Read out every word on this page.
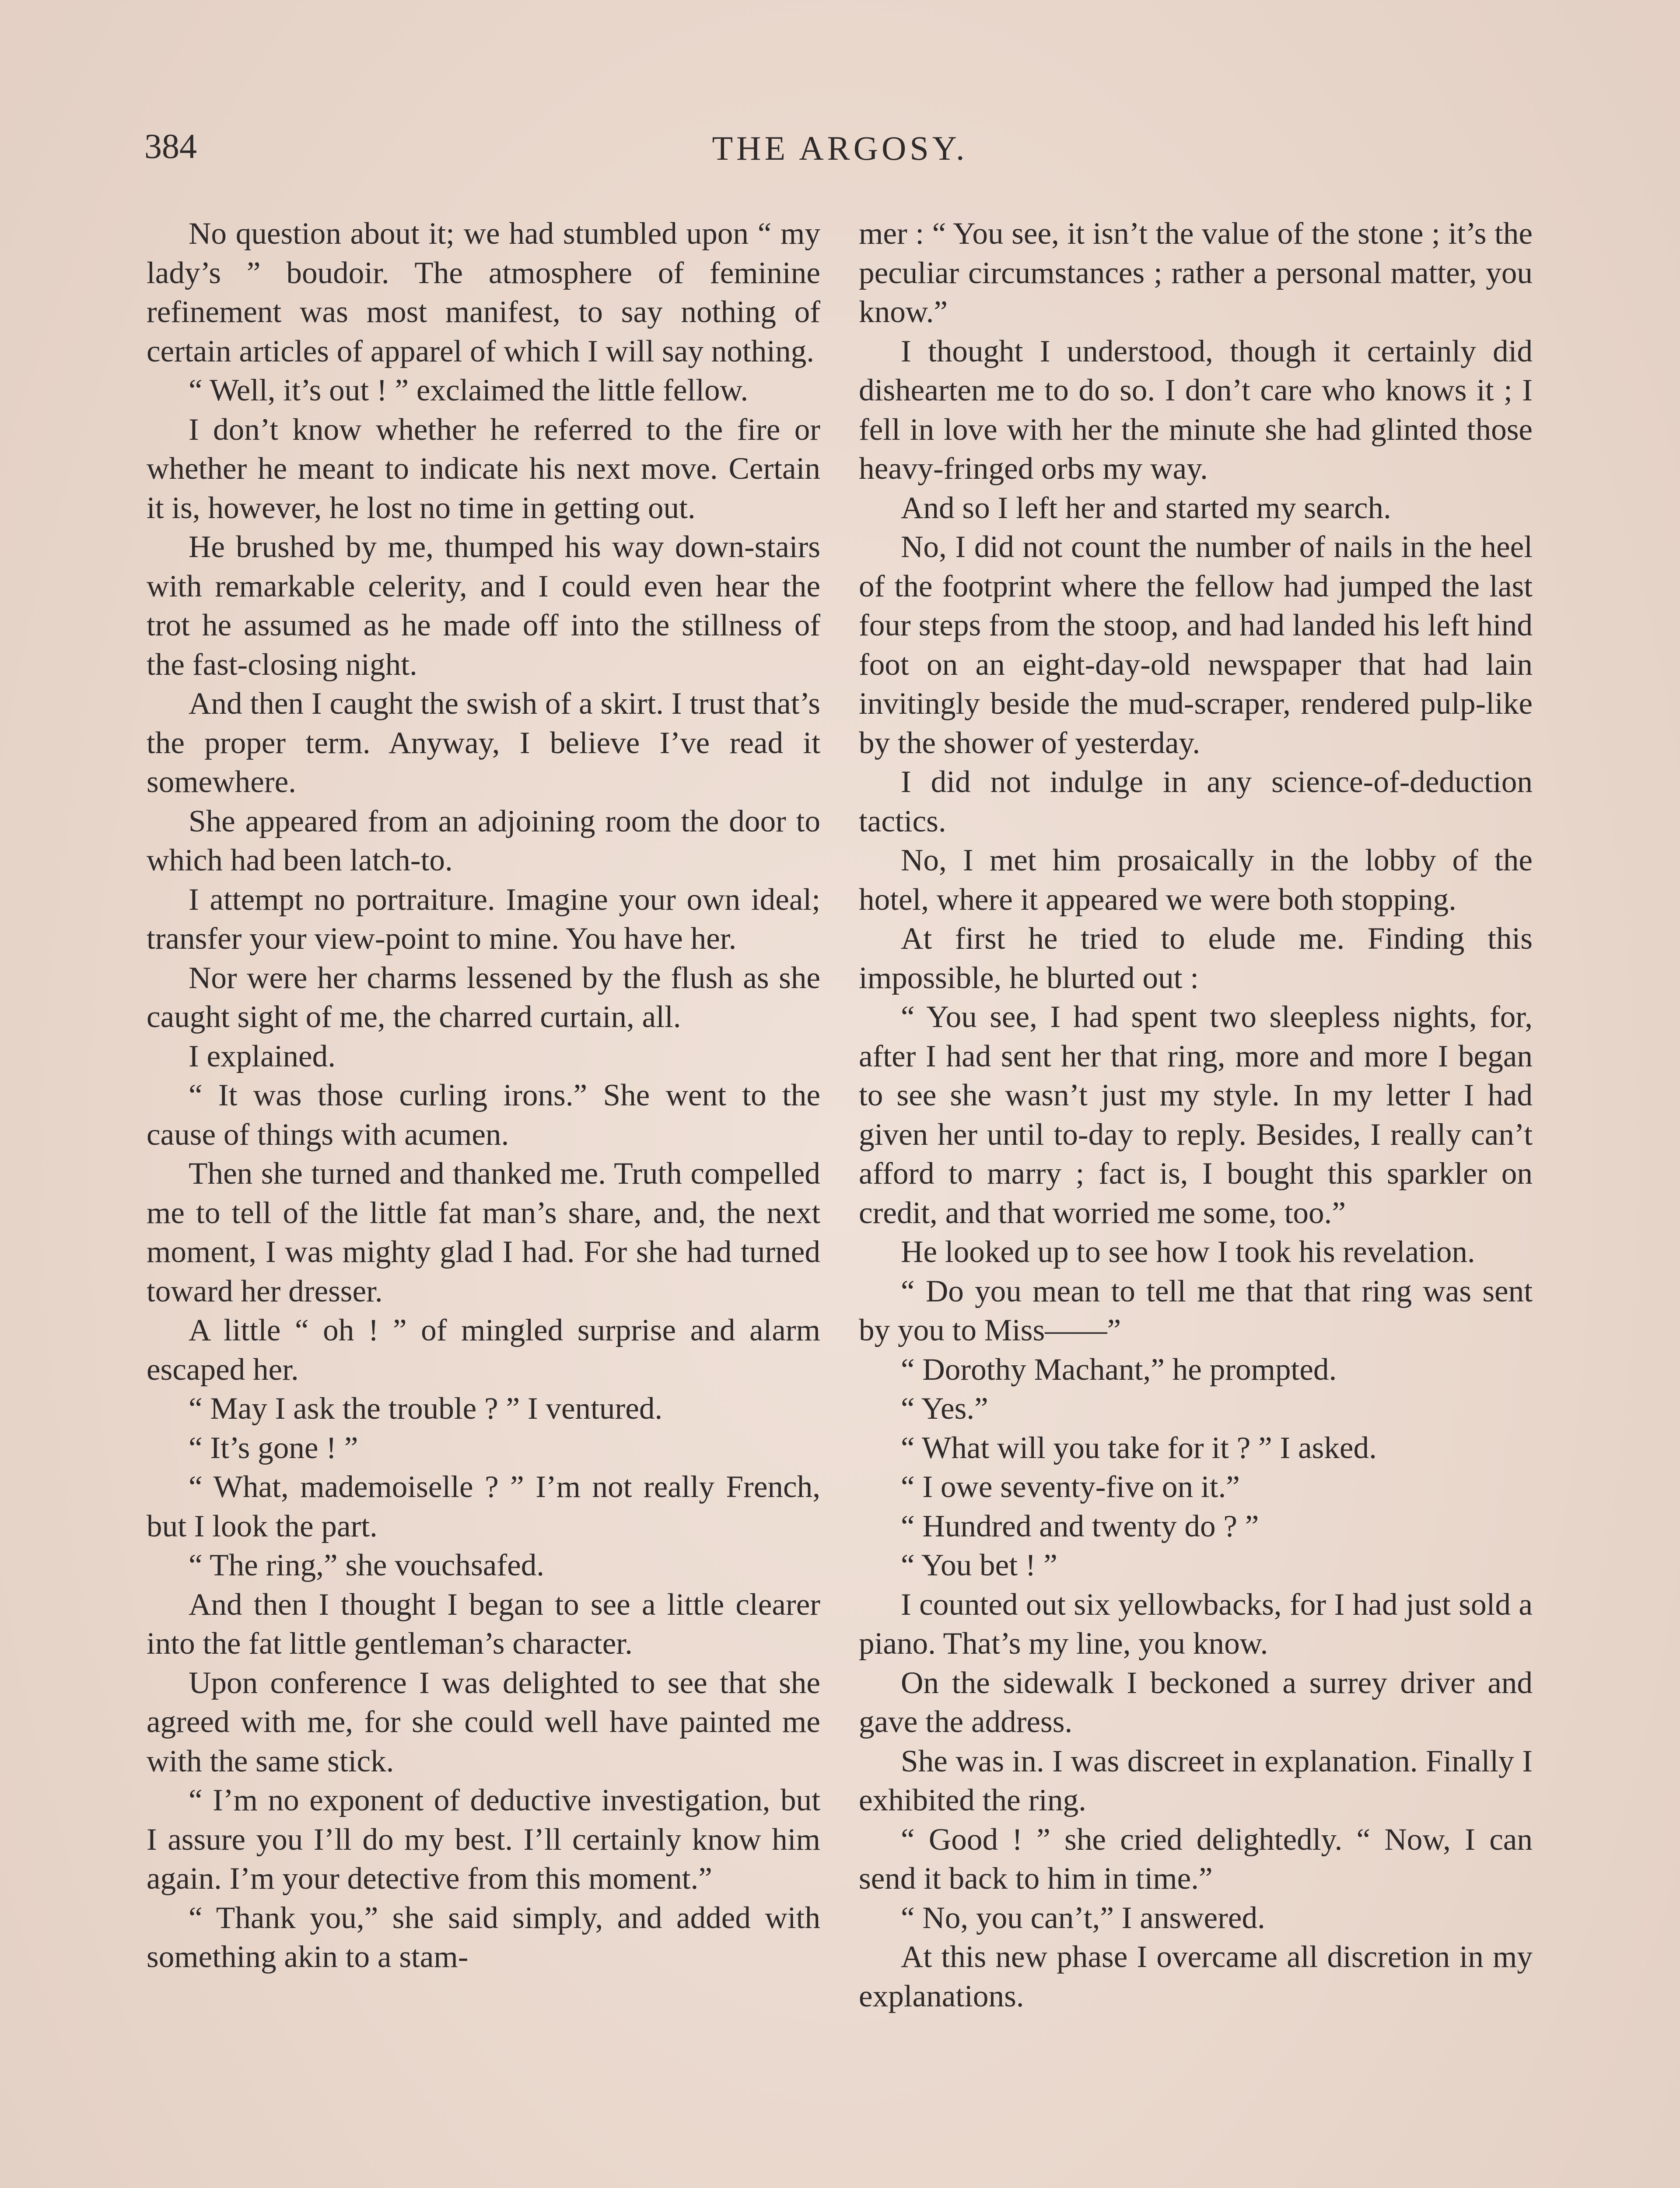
384	THE ARGOSY.

No question about it; we had stumbled upon “ my lady’s ” boudoir. The atmosphere of feminine refinement was most manifest, to say nothing of certain articles of apparel of which I will say nothing.

“ Well, it’s out ! ” exclaimed the little fellow.

I don’t know whether he referred to the fire or whether he meant to indicate his next move. Certain it is, however, he lost no time in getting out.

He brushed by me, thumped his way down-stairs with remarkable celerity, and I could even hear the trot he assumed as he made off into the stillness of the fast-closing night.

And then I caught the swish of a skirt. I trust that’s the proper term. Anyway, I believe I’ve read it somewhere.

She appeared from an adjoining room the door to which had been latch-to.

I attempt no portraiture. Imagine your own ideal; transfer your view-point to mine. You have her.

Nor were her charms lessened by the flush as she caught sight of me, the charred curtain, all.

I explained.

“ It was those curling irons.” She went to the cause of things with acumen.

Then she turned and thanked me. Truth compelled me to tell of the little fat man’s share, and, the next moment, I was mighty glad I had. For she had turned toward her dresser.

A little “ oh ! ” of mingled surprise and alarm escaped her.

“ May I ask the trouble ? ” I ventured.

“ It’s gone ! ”

“ What, mademoiselle ? ” I’m not really French, but I look the part.

“ The ring,” she vouchsafed.

And then I thought I began to see a little clearer into the fat little gentleman’s character.

Upon conference I was delighted to see that she agreed with me, for she could well have painted me with the same stick.

“ I’m no exponent of deductive investigation, but I assure you I’ll do my best. I’ll certainly know him again. I’m your detective from this moment.”

“ Thank you,” she said simply, and added with something akin to a stam-

mer : “ You see, it isn’t the value of the stone ; it’s the peculiar circumstances ; rather a personal matter, you know.”

I thought I understood, though it certainly did dishearten me to do so. I don’t care who knows it ; I fell in love with her the minute she had glinted those heavy-fringed orbs my way.

And so I left her and started my search.

No, I did not count the number of nails in the heel of the footprint where the fellow had jumped the last four steps from the stoop, and had landed his left hind foot on an eight-day-old newspaper that had lain invitingly beside the mud-scraper, rendered pulp-like by the shower of yesterday.

I did not indulge in any science-of-deduction tactics.

No, I met him prosaically in the lobby of the hotel, where it appeared we were both stopping.

At first he tried to elude me. Finding this impossible, he blurted out :

“ You see, I had spent two sleepless nights, for, after I had sent her that ring, more and more I began to see she wasn’t just my style. In my letter I had given her until to-day to reply. Besides, I really can’t afford to marry ; fact is, I bought this sparkler on credit, and that worried me some, too.”

He looked up to see how I took his revelation.

“ Do you mean to tell me that that ring was sent by you to Miss——”

“ Dorothy Machant,” he prompted.

“ Yes.”

“ What will you take for it ? ” I asked.

“ I owe seventy-five on it.”

“ Hundred and twenty do ? ”

“ You bet ! ”

I counted out six yellowbacks, for I had just sold a piano. That’s my line, you know.

On the sidewalk I beckoned a surrey driver and gave the address.

She was in. I was discreet in explanation. Finally I exhibited the ring.

“ Good ! ” she cried delightedly. “ Now, I can send it back to him in time.”

“ No, you can’t,” I answered.

At this new phase I overcame all discretion in my explanations.
